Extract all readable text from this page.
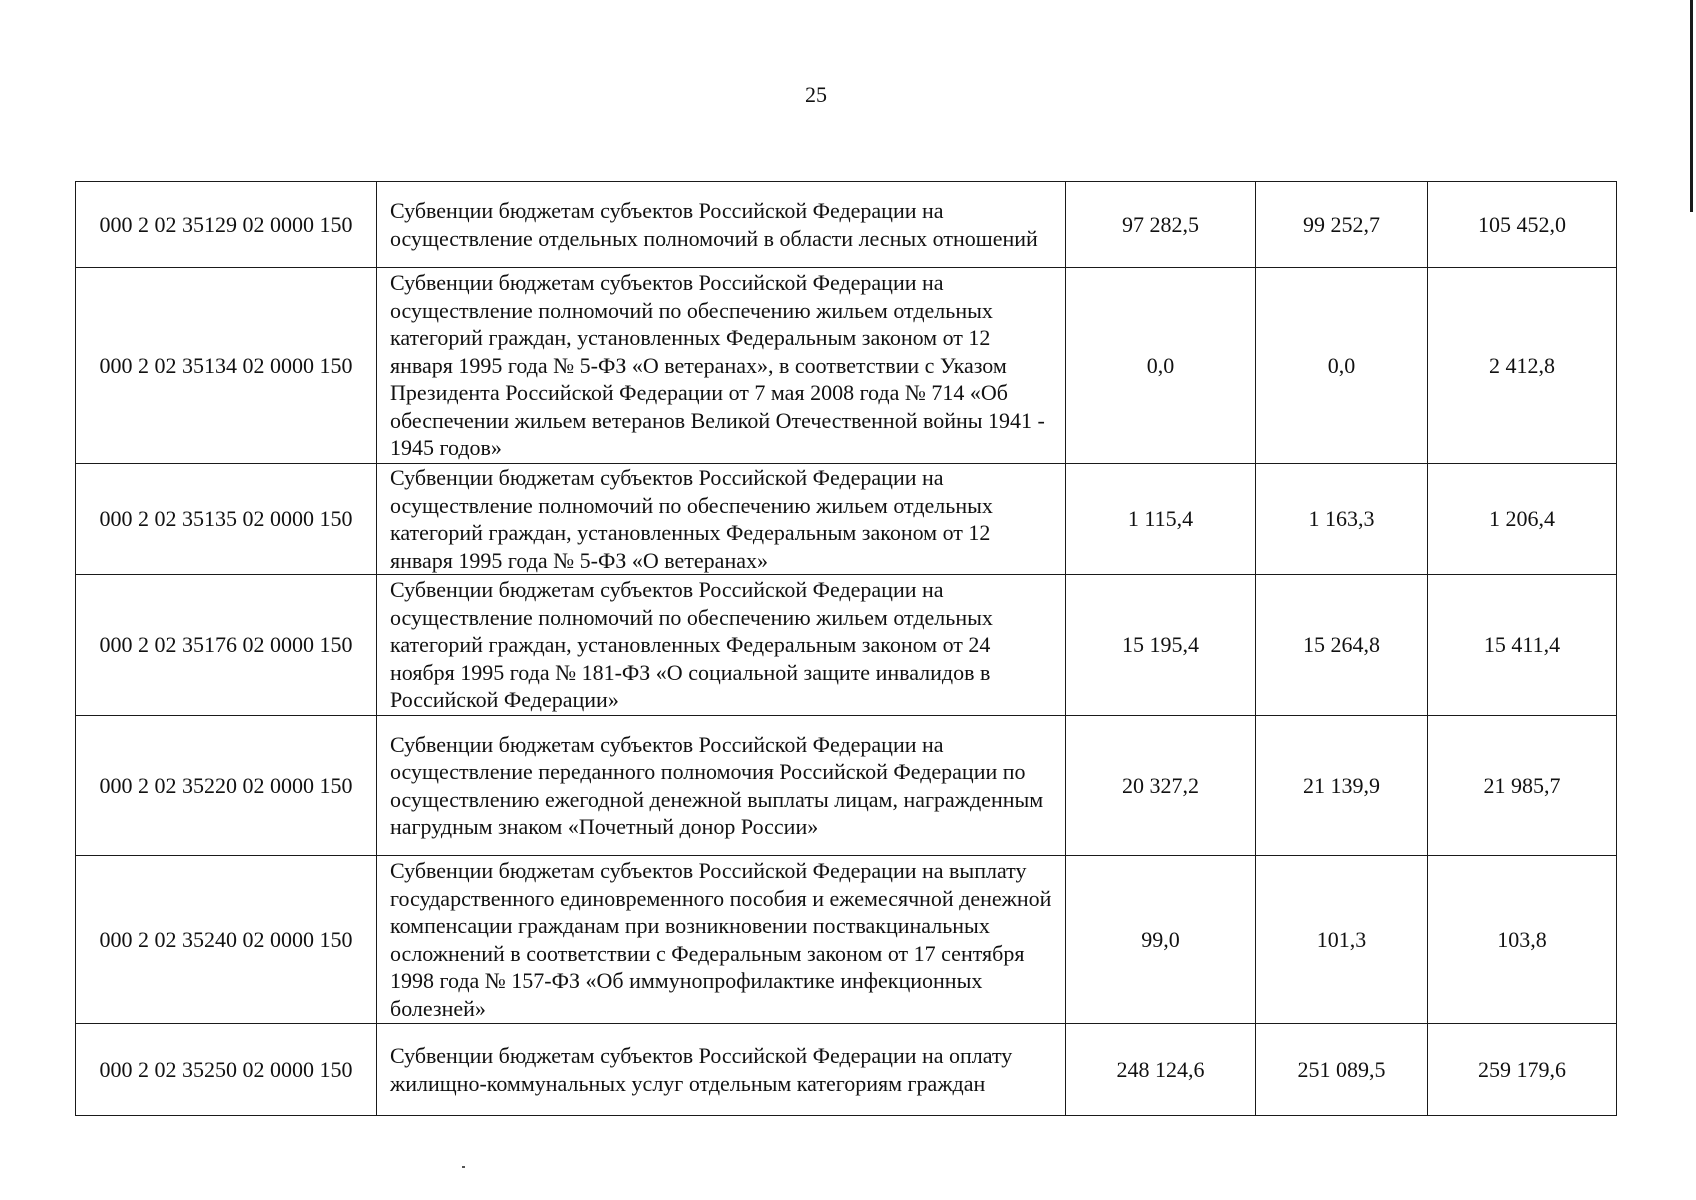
25
000 2 02 35129 02 0000 150	Субвенции бюджетам субъектов Российской Федерации на осуществление отдельных полномочий в области лесных отношений	97 282,5	99 252,7	105 452,0
000 2 02 35134 02 0000 150	Субвенции бюджетам субъектов Российской Федерации на осуществление полномочий по обеспечению жильем отдельных категорий граждан, установленных Федеральным законом от 12 января 1995 года № 5-ФЗ «О ветеранах», в соответствии с Указом Президента Российской Федерации от 7 мая 2008 года № 714 «Об обеспечении жильем ветеранов Великой Отечественной войны 1941 - 1945 годов»	0,0	0,0	2 412,8
000 2 02 35135 02 0000 150	Субвенции бюджетам субъектов Российской Федерации на осуществление полномочий по обеспечению жильем отдельных категорий граждан, установленных Федеральным законом от 12 января 1995 года № 5-ФЗ «О ветеранах»	1 115,4	1 163,3	1 206,4
000 2 02 35176 02 0000 150	Субвенции бюджетам субъектов Российской Федерации на осуществление полномочий по обеспечению жильем отдельных категорий граждан, установленных Федеральным законом от 24 ноября 1995 года № 181-ФЗ «О социальной защите инвалидов в Российской Федерации»	15 195,4	15 264,8	15 411,4
000 2 02 35220 02 0000 150	Субвенции бюджетам субъектов Российской Федерации на осуществление переданного полномочия Российской Федерации по осуществлению ежегодной денежной выплаты лицам, награжденным нагрудным знаком «Почетный донор России»	20 327,2	21 139,9	21 985,7
000 2 02 35240 02 0000 150	Субвенции бюджетам субъектов Российской Федерации на выплату государственного единовременного пособия и ежемесячной денежной компенсации гражданам при возникновении поствакцинальных осложнений в соответствии с Федеральным законом от 17 сентября 1998 года № 157-ФЗ «Об иммунопрофилактике инфекционных болезней»	99,0	101,3	103,8
000 2 02 35250 02 0000 150	Субвенции бюджетам субъектов Российской Федерации на оплату жилищно-коммунальных услуг отдельным категориям граждан	248 124,6	251 089,5	259 179,6
